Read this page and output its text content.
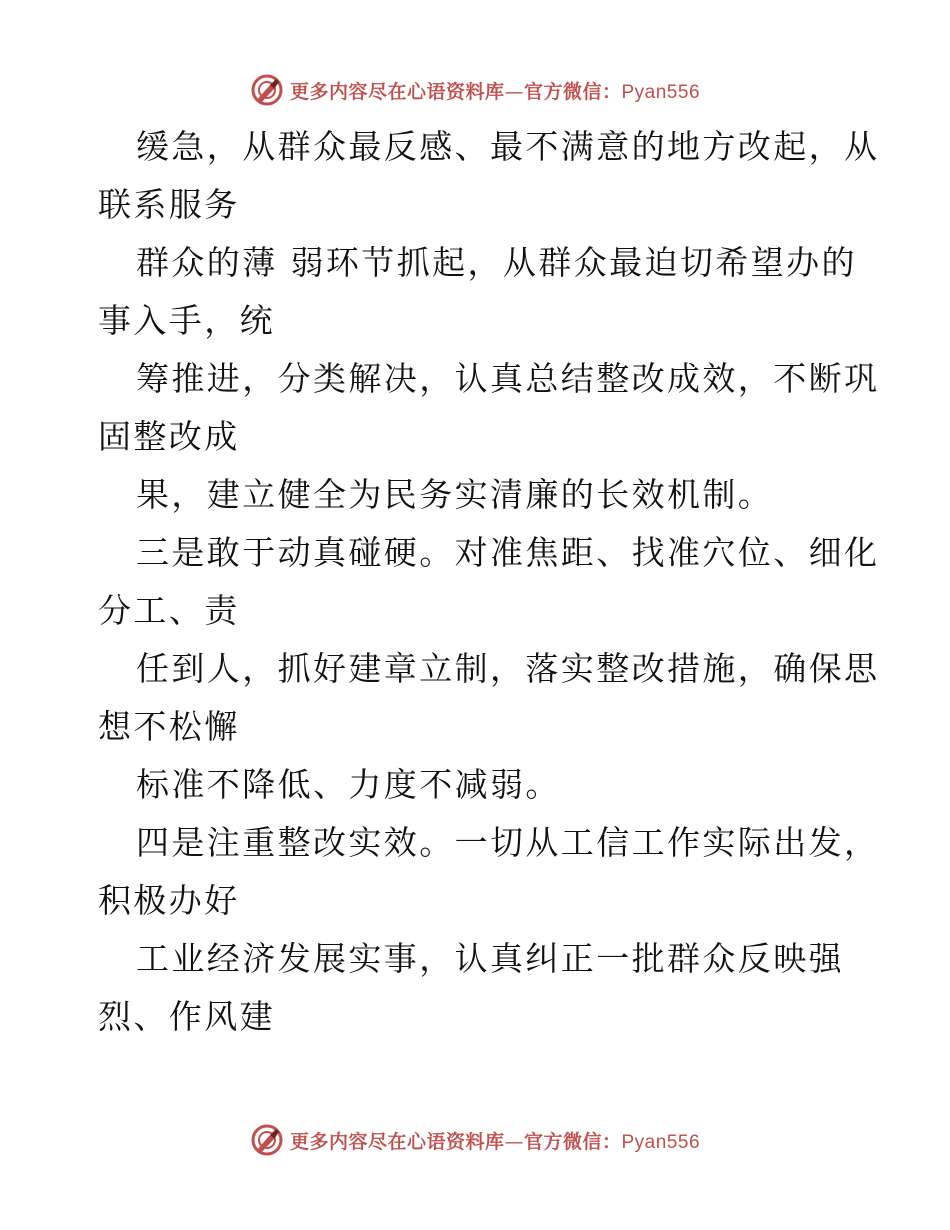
更多内容尽在心语资料库 — 官方微信： Pyan556
缓急，从群众最反感、最不满意的地方改起，从
联系服务
群众的薄 弱环节抓起，从群众最迫切希望办的
事入手，统
筹推进，分类解决，认真总结整改成效，不断巩
固整改成
果，建立健全为民务实清廉的长效机制。
三是敢于动真碰硬。对准焦距、找准穴位、细化
分工、责
任到人，抓好建章立制，落实整改措施，确保思
想不松懈
标准不降低、力度不减弱。
四是注重整改实效。一切从工信工作实际出发，
积极办好
工业经济发展实事，认真纠正一批群众反映强
烈、作风建
更多内容尽在心语资料库 — 官方微信： Pyan556
